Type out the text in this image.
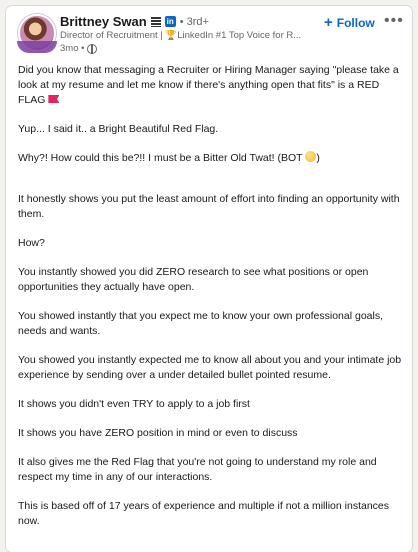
Brittney Swan in • 3rd+
Director of Recruitment | 🏆LinkedIn #1 Top Voice for R...
3mo •
+ Follow •••

Did you know that messaging a Recruiter or Hiring Manager saying "please take a look at my resume and let me know if there's anything open that fits" is a RED FLAG

Yup... I said it.. a Bright Beautiful Red Flag.

Why?! How could this be?!! I must be a Bitter Old Twat! (BOT )

It honestly shows you put the least amount of effort into finding an opportunity with them.

How?

You instantly showed you did ZERO research to see what positions or open opportunities they actually have open.

You showed instantly that you expect me to know your own professional goals, needs and wants.

You showed you instantly expected me to know all about you and your intimate job experience by sending over a under detailed bullet pointed resume.

It shows you didn't even TRY to apply to a job first

It shows you have ZERO position in mind or even to discuss

It also gives me the Red Flag that you're not going to understand my role and respect my time in any of our interactions.

This is based off of 17 years of experience and multiple if not a million instances now.
